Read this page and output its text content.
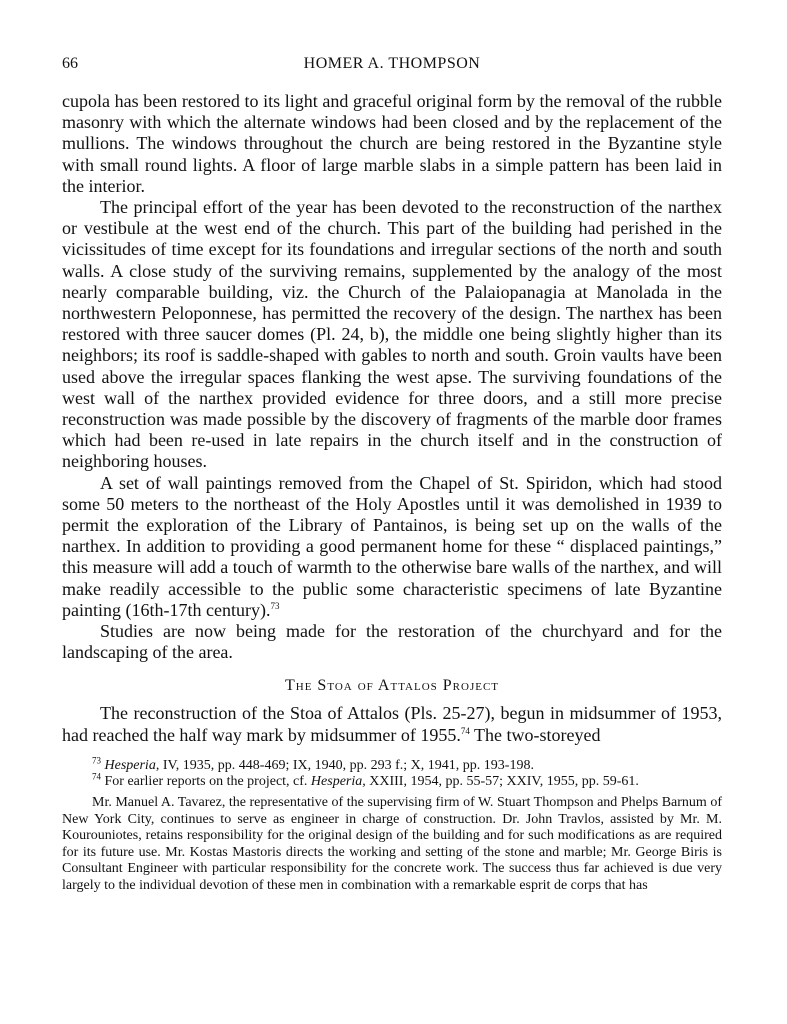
66	HOMER A. THOMPSON

cupola has been restored to its light and graceful original form by the removal of the rubble masonry with which the alternate windows had been closed and by the replacement of the mullions. The windows throughout the church are being restored in the Byzantine style with small round lights. A floor of large marble slabs in a simple pattern has been laid in the interior.

The principal effort of the year has been devoted to the reconstruction of the narthex or vestibule at the west end of the church. This part of the building had perished in the vicissitudes of time except for its foundations and irregular sections of the north and south walls. A close study of the surviving remains, supplemented by the analogy of the most nearly comparable building, viz. the Church of the Palaiopanagia at Manolada in the northwestern Peloponnese, has permitted the recovery of the design. The narthex has been restored with three saucer domes (Pl. 24, b), the middle one being slightly higher than its neighbors; its roof is saddle-shaped with gables to north and south. Groin vaults have been used above the irregular spaces flanking the west apse. The surviving foundations of the west wall of the narthex provided evidence for three doors, and a still more precise reconstruction was made possible by the discovery of fragments of the marble door frames which had been re-used in late repairs in the church itself and in the construction of neighboring houses.

A set of wall paintings removed from the Chapel of St. Spiridon, which had stood some 50 meters to the northeast of the Holy Apostles until it was demolished in 1939 to permit the exploration of the Library of Pantainos, is being set up on the walls of the narthex. In addition to providing a good permanent home for these “ displaced paintings,” this measure will add a touch of warmth to the otherwise bare walls of the narthex, and will make readily accessible to the public some characteristic specimens of late Byzantine painting (16th-17th century).$^{73}$

Studies are now being made for the restoration of the churchyard and for the landscaping of the area.

The Stoa of Attalos Project

The reconstruction of the Stoa of Attalos (Pls. 25-27), begun in midsummer of 1953, had reached the half way mark by midsummer of 1955.74 The two-storeyed

$^{73}$ Hesperia, IV, 1935, pp. 448-469; IX, 1940, pp. 293 f.; X, 1941, pp. 193-198.

$^{74}$ For earlier reports on the project, cf. Hesperia, XXIII, 1954, pp. 55-57; XXIV, 1955, pp. 59-61.

Mr. Manuel A. Tavarez, the representative of the supervising firm of W. Stuart Thompson and Phelps Barnum of New York City, continues to serve as engineer in charge of construction. Dr. John Travlos, assisted by Mr. M. Kourouniotes, retains responsibility for the original design of the building and for such modifications as are required for its future use. Mr. Kostas Mastoris directs the working and setting of the stone and marble; Mr. George Biris is Consultant Engineer with particular responsibility for the concrete work. The success thus far achieved is due very largely to the individual devotion of these men in combination with a remarkable esprit de corps that has
